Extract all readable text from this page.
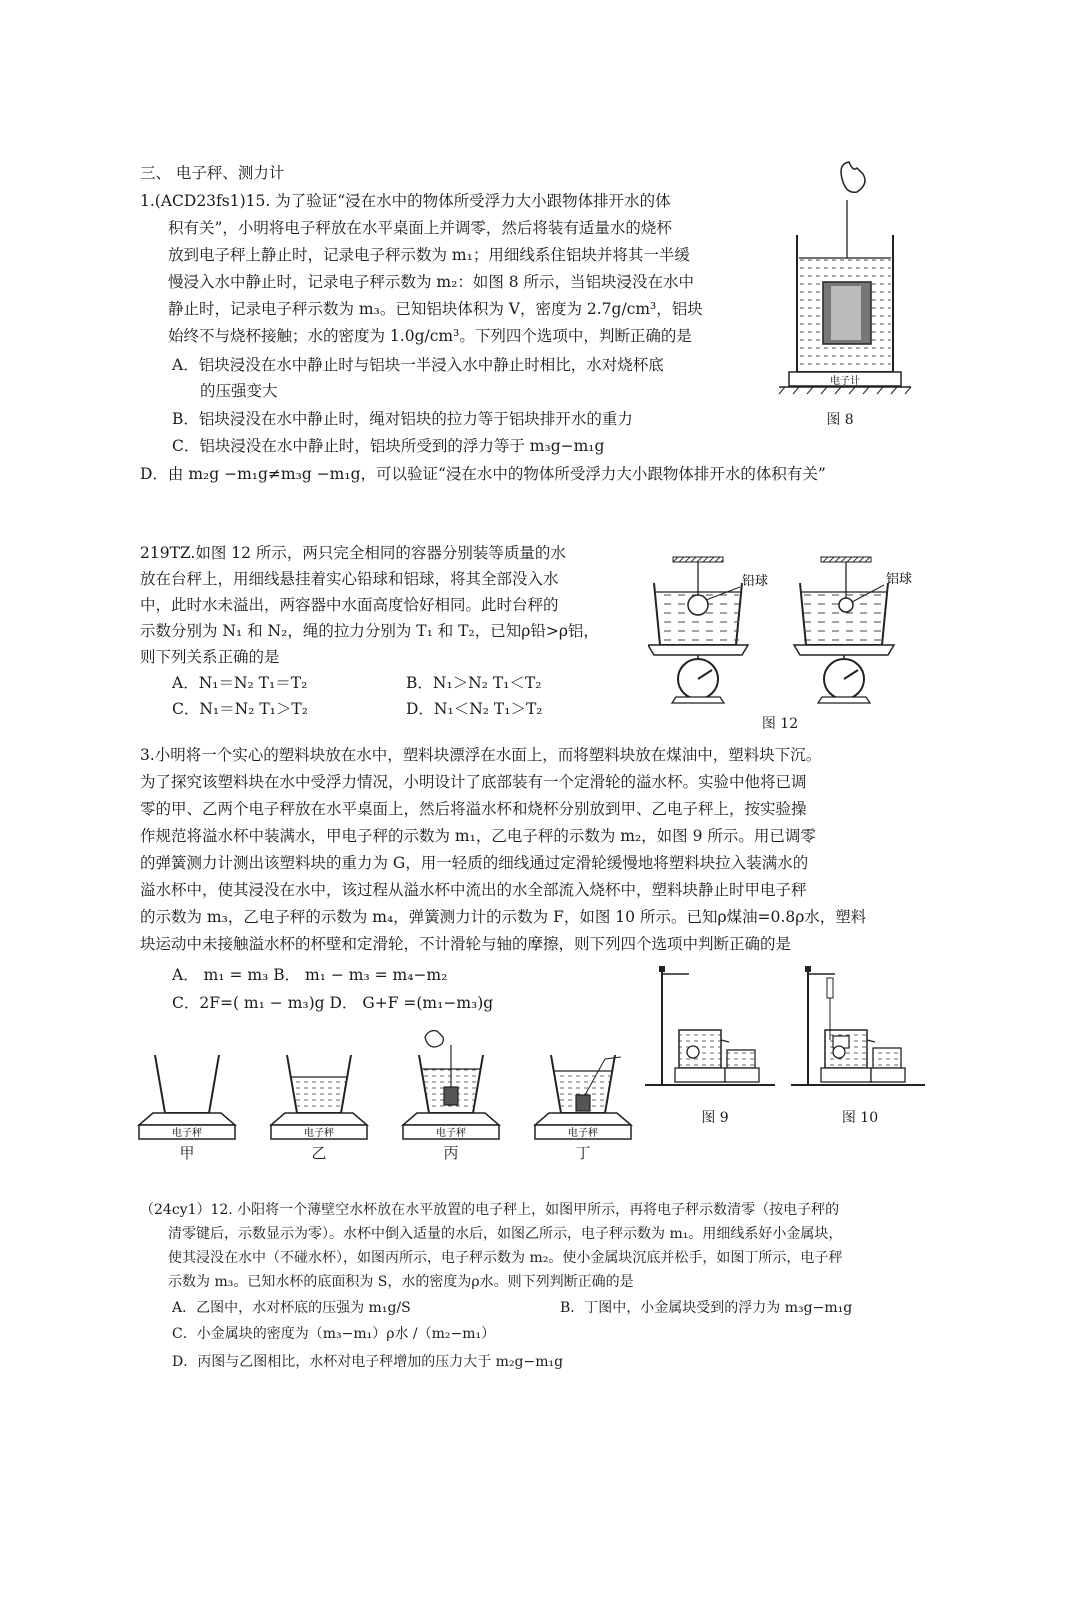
三、 电子秤、测力计
1.(ACD23fs1)15. 为了验证“浸在水中的物体所受浮力大小跟物体排开水的体
积有关”，小明将电子秤放在水平桌面上并调零，然后将装有适量水的烧杯
放到电子秤上静止时，记录电子秤示数为 m₁；用细线系住铝块并将其一半缓
慢浸入水中静止时，记录电子秤示数为 m₂：如图 8 所示，当铝块浸没在水中
静止时，记录电子秤示数为 m₃。已知铝块体积为 V，密度为 2.7g/cm³，铝块
始终不与烧杯接触；水的密度为 1.0g/cm³。下列四个选项中，判断正确的是
A．铝块浸没在水中静止时与铝块一半浸入水中静止时相比，水对烧杯底
的压强变大
B．铝块浸没在水中静止时，绳对铝块的拉力等于铝块排开水的重力
C．铝块浸没在水中静止时，铝块所受到的浮力等于 m₃g−m₁g
D．由 m₂g −m₁g≠m₃g −m₁g，可以验证“浸在水中的物体所受浮力大小跟物体排开水的体积有关”
电子计
图 8
219TZ.如图 12 所示，两只完全相同的容器分别装等质量的水
放在台秤上，用细线悬挂着实心铅球和铝球，将其全部没入水
中，此时水未溢出，两容器中水面高度恰好相同。此时台秤的
示数分别为 N₁ 和 N₂，绳的拉力分别为 T₁ 和 T₂，已知ρ铅>ρ铝，
则下列关系正确的是
A．N₁＝N₂ T₁＝T₂	B．N₁＞N₂ T₁＜T₂
C．N₁＝N₂ T₁＞T₂	D．N₁＜N₂ T₁＞T₂
铅球	铝球
图 12
3.小明将一个实心的塑料块放在水中，塑料块漂浮在水面上，而将塑料块放在煤油中，塑料块下沉。
为了探究该塑料块在水中受浮力情况，小明设计了底部装有一个定滑轮的溢水杯。实验中他将已调
零的甲、乙两个电子秤放在水平桌面上，然后将溢水杯和烧杯分别放到甲、乙电子秤上，按实验操
作规范将溢水杯中装满水，甲电子秤的示数为 m₁，乙电子秤的示数为 m₂，如图 9 所示。用已调零
的弹簧测力计测出该塑料块的重力为 G，用一轻质的细线通过定滑轮缓慢地将塑料块拉入装满水的
溢水杯中，使其浸没在水中，该过程从溢水杯中流出的水全部流入烧杯中，塑料块静止时甲电子秤
的示数为 m₃，乙电子秤的示数为 m₄，弹簧测力计的示数为 F，如图 10 所示。已知ρ煤油=0.8ρ水，塑料
块运动中未接触溢水杯的杯壁和定滑轮，不计滑轮与轴的摩擦，则下列四个选项中判断正确的是
A． m₁ = m₃ B． m₁ − m₃ = m₄−m₂
C．2F=( m₁ − m₃)g D． G+F =(m₁−m₃)g
图 9	图 10
电子秤	电子秤	电子秤	电子秤
甲	乙	丙	丁
（24cy1）12. 小阳将一个薄壁空水杯放在水平放置的电子秤上，如图甲所示，再将电子秤示数清零（按电子秤的
清零键后，示数显示为零）。水杯中倒入适量的水后，如图乙所示，电子秤示数为 m₁。用细线系好小金属块，
使其浸没在水中（不碰水杯），如图丙所示，电子秤示数为 m₂。使小金属块沉底并松手，如图丁所示，电子秤
示数为 m₃。已知水杯的底面积为 S，水的密度为ρ水。则下列判断正确的是
A．乙图中，水对杯底的压强为 m₁g/S	B．丁图中，小金属块受到的浮力为 m₃g−m₁g
C．小金属块的密度为（m₃−m₁）ρ水 /（m₂−m₁）
D．丙图与乙图相比，水杯对电子秤增加的压力大于 m₂g−m₁g
